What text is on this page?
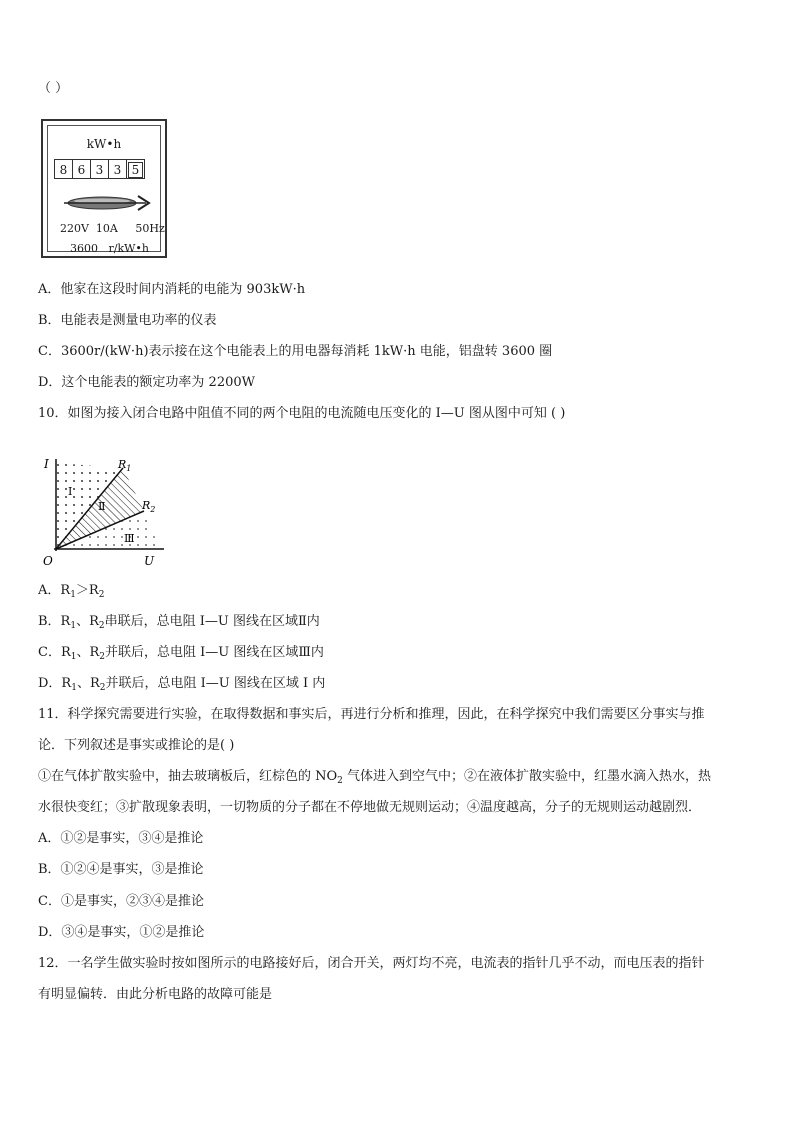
（ ）
kW•h
8 6 3 3 5
220V  10A     50Hz
3600   r/kW•h
A．他家在这段时间内消耗的电能为 903kW·h
B．电能表是测量电功率的仪表
C．3600r/(kW·h)表示接在这个电能表上的用电器每消耗 1kW·h 电能，铝盘转 3600 圈
D．这个电能表的额定功率为 2200W
10．如图为接入闭合电路中阻值不同的两个电阻的电流随电压变化的 I—U 图从图中可知 ( )
I
U
O
$R_1$
$R_2$
Ⅰ
Ⅱ
Ⅲ
A．$R_1>R_2$
B．$R_1$、$R_2$串联后，总电阻 I—U 图线在区域Ⅱ内
C．$R_1$、$R_2$并联后，总电阻 I—U 图线在区域Ⅲ内
D．$R_1$、$R_2$并联后，总电阻 I—U 图线在区域 I 内
11．科学探究需要进行实验，在取得数据和事实后，再进行分析和推理，因此，在科学探究中我们需要区分事实与推
论．下列叙述是事实或推论的是( )
①在气体扩散实验中，抽去玻璃板后，红棕色的 $NO_2$ 气体进入到空气中；②在液体扩散实验中，红墨水滴入热水，热
水很快变红；③扩散现象表明，一切物质的分子都在不停地做无规则运动；④温度越高，分子的无规则运动越剧烈．
A．①②是事实，③④是推论
B．①②④是事实，③是推论
C．①是事实，②③④是推论
D．③④是事实，①②是推论
12．一名学生做实验时按如图所示的电路接好后，闭合开关，两灯均不亮，电流表的指针几乎不动，而电压表的指针
有明显偏转．由此分析电路的故障可能是
